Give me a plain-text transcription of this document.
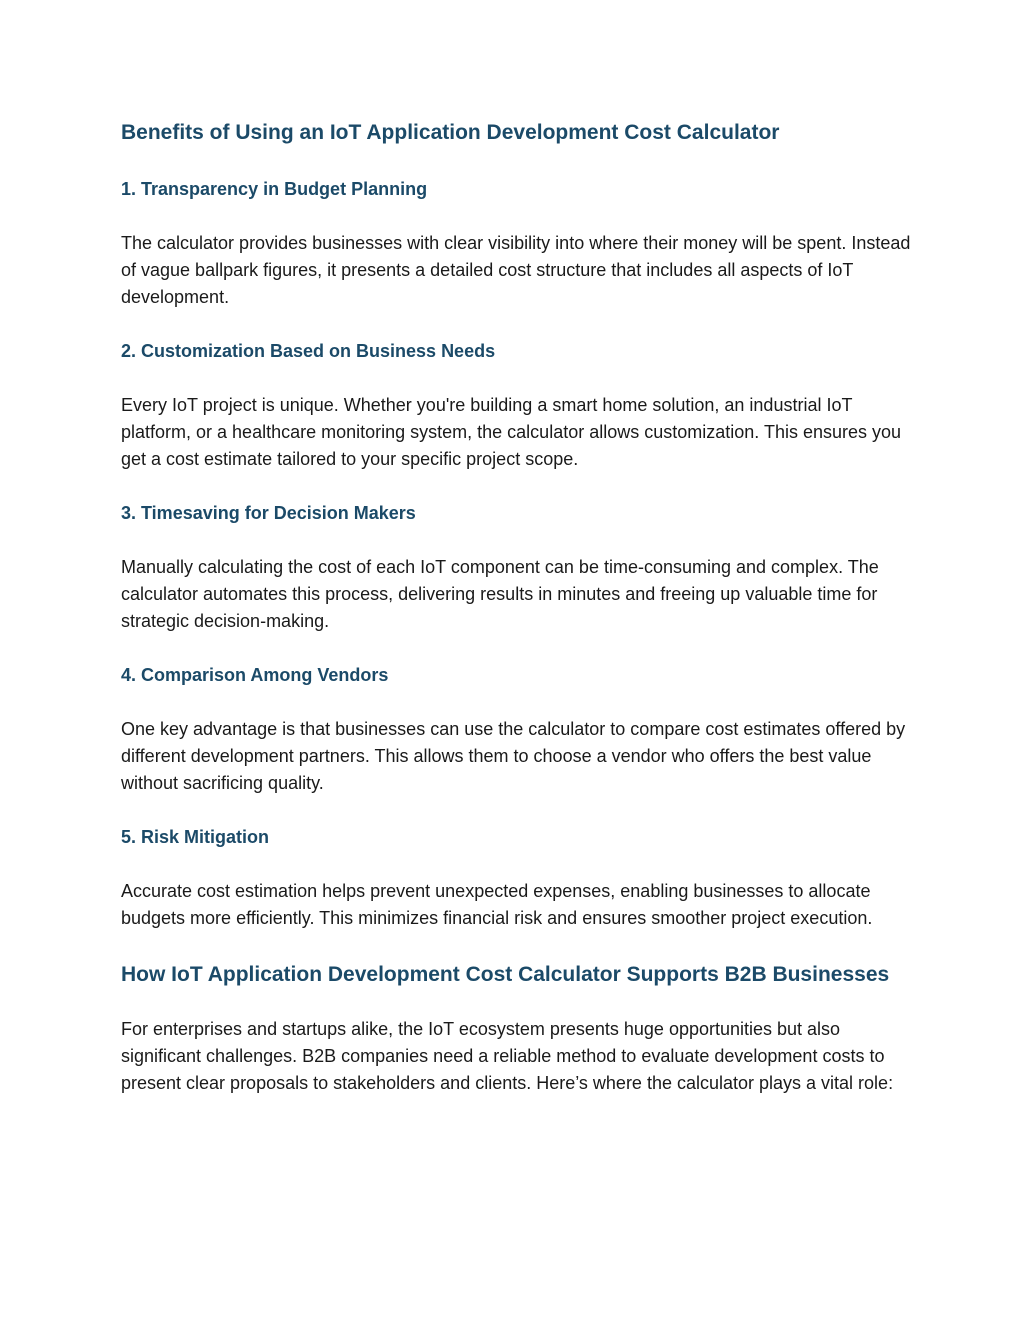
Benefits of Using an IoT Application Development Cost Calculator
1. Transparency in Budget Planning

The calculator provides businesses with clear visibility into where their money will be spent. Instead of vague ballpark figures, it presents a detailed cost structure that includes all aspects of IoT development.

2. Customization Based on Business Needs

Every IoT project is unique. Whether you're building a smart home solution, an industrial IoT platform, or a healthcare monitoring system, the calculator allows customization. This ensures you get a cost estimate tailored to your specific project scope.

3. Timesaving for Decision Makers

Manually calculating the cost of each IoT component can be time-consuming and complex. The calculator automates this process, delivering results in minutes and freeing up valuable time for strategic decision-making.

4. Comparison Among Vendors

One key advantage is that businesses can use the calculator to compare cost estimates offered by different development partners. This allows them to choose a vendor who offers the best value without sacrificing quality.

5. Risk Mitigation

Accurate cost estimation helps prevent unexpected expenses, enabling businesses to allocate budgets more efficiently. This minimizes financial risk and ensures smoother project execution.

How IoT Application Development Cost Calculator Supports B2B Businesses

For enterprises and startups alike, the IoT ecosystem presents huge opportunities but also significant challenges. B2B companies need a reliable method to evaluate development costs to present clear proposals to stakeholders and clients. Here’s where the calculator plays a vital role:
